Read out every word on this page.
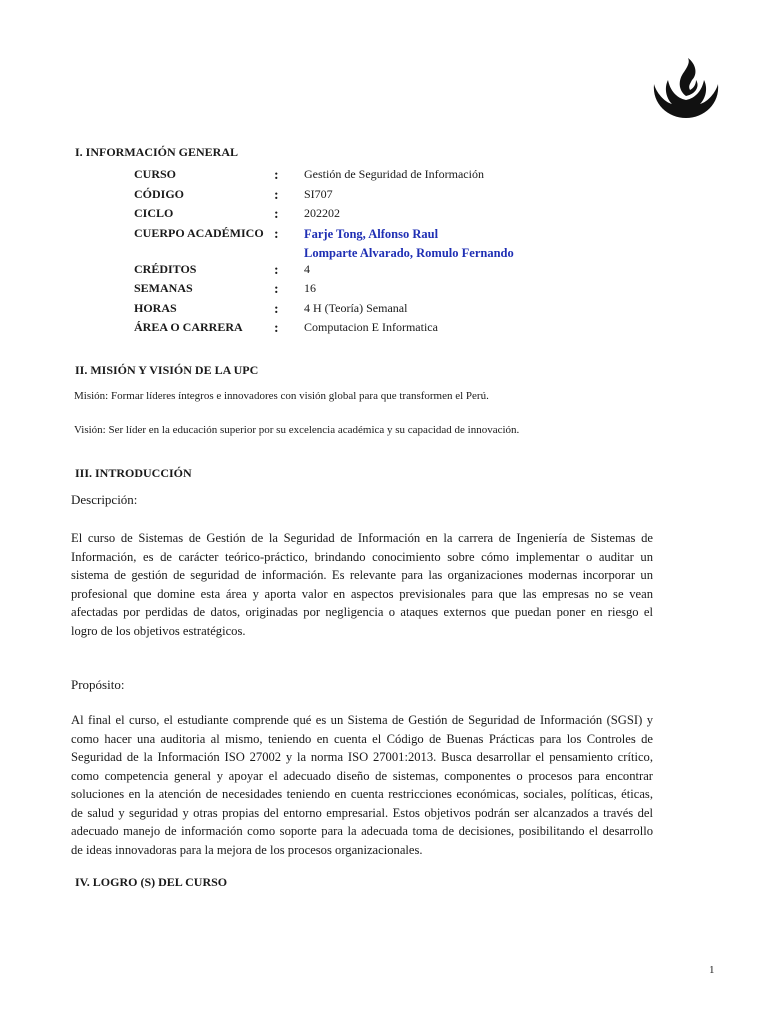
I. INFORMACIÓN GENERAL
CURSO	: Gestión de Seguridad de Información
CÓDIGO	: SI707
CICLO	: 202202
CUERPO ACADÉMICO : Farje Tong, Alfonso Raul
Lomparte Alvarado, Romulo Fernando
CRÉDITOS	: 4
SEMANAS	: 16
HORAS	: 4 H (Teoría) Semanal
ÁREA O CARRERA : Computacion E Informatica
II. MISIÓN Y VISIÓN DE LA UPC
Misión: Formar líderes íntegros e innovadores con visión global para que transformen el Perú.
Visión: Ser líder en la educación superior por su excelencia académica y su capacidad de innovación.
III. INTRODUCCIÓN
Descripción:
El curso de Sistemas de Gestión de la Seguridad de Información en la carrera de Ingeniería de Sistemas de
Información, es de carácter teórico-práctico, brindando conocimiento sobre cómo implementar o auditar un
sistema de gestión de seguridad de información. Es relevante para las organizaciones modernas incorporar un
profesional que domine esta área y aporta valor en aspectos previsionales para que las empresas no se vean
afectadas por perdidas de datos, originadas por negligencia o ataques externos que puedan poner en riesgo el
logro de los objetivos estratégicos.
Propósito:
Al final el curso, el estudiante comprende qué es un Sistema de Gestión de Seguridad de Información (SGSI) y
como hacer una auditoria al mismo, teniendo en cuenta el Código de Buenas Prácticas para los Controles de
Seguridad de la Información ISO 27002 y la norma ISO 27001:2013. Busca desarrollar el pensamiento crítico,
como competencia general y apoyar el adecuado diseño de sistemas, componentes o procesos para encontrar
soluciones en la atención de necesidades teniendo en cuenta restricciones económicas, sociales, políticas, éticas,
de salud y seguridad y otras propias del entorno empresarial. Estos objetivos podrán ser alcanzados a través del
adecuado manejo de información como soporte para la adecuada toma de decisiones, posibilitando el desarrollo
de ideas innovadoras para la mejora de los procesos organizacionales.
IV. LOGRO (S) DEL CURSO
1
